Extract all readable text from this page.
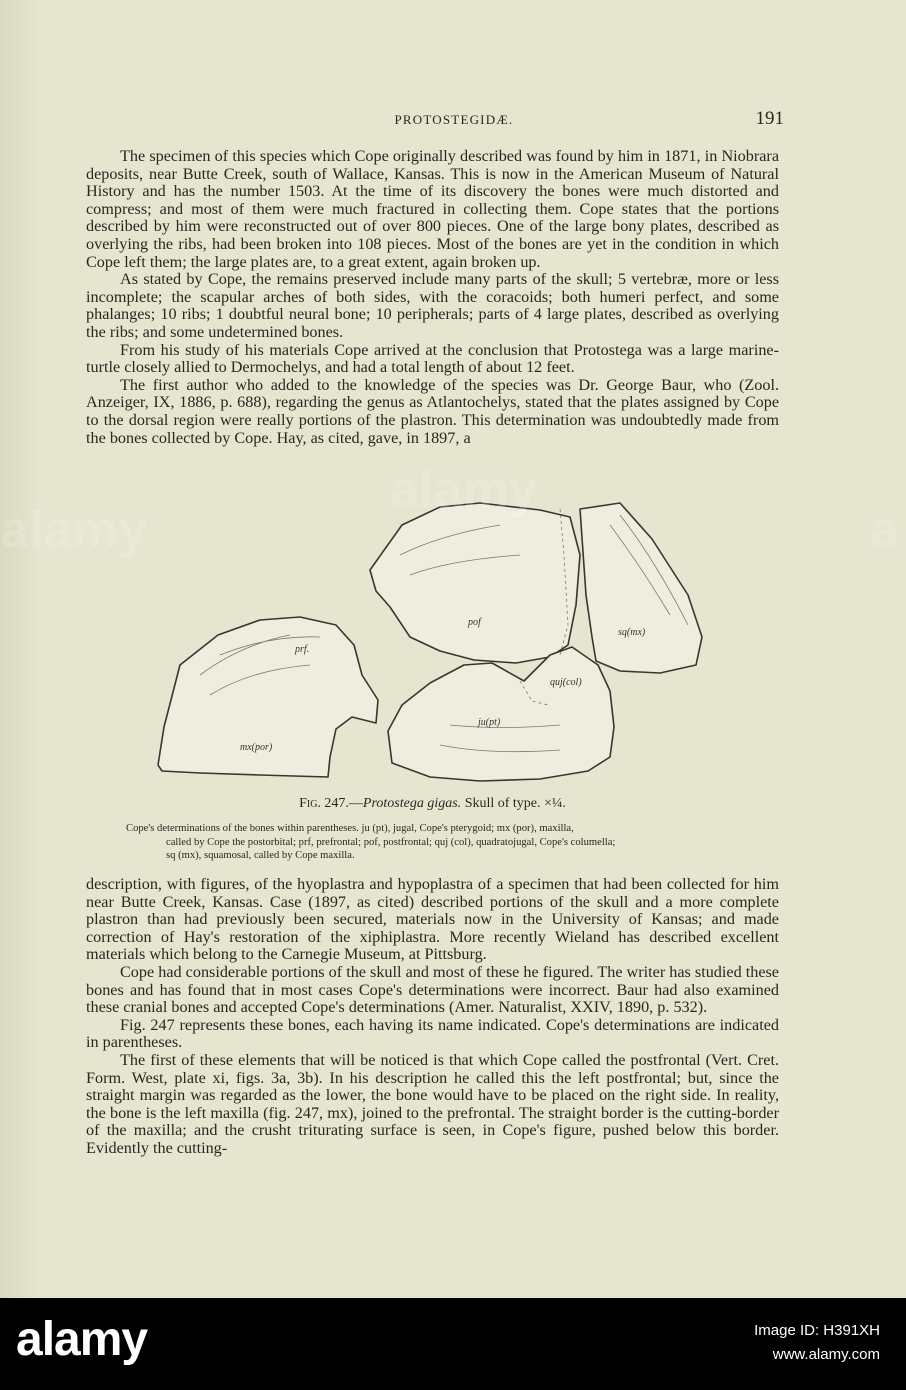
PROTOSTEGIDÆ.	191

The specimen of this species which Cope originally described was found by him in 1871, in Niobrara deposits, near Butte Creek, south of Wallace, Kansas. This is now in the American Museum of Natural History and has the number 1503. At the time of its discovery the bones were much distorted and compress; and most of them were much fractured in collecting them. Cope states that the portions described by him were reconstructed out of over 800 pieces. One of the large bony plates, described as overlying the ribs, had been broken into 108 pieces. Most of the bones are yet in the condition in which Cope left them; the large plates are, to a great extent, again broken up.

As stated by Cope, the remains preserved include many parts of the skull; 5 vertebræ, more or less incomplete; the scapular arches of both sides, with the coracoids; both humeri perfect, and some phalanges; 10 ribs; 1 doubtful neural bone; 10 peripherals; parts of 4 large plates, described as overlying the ribs; and some undetermined bones.

From his study of his materials Cope arrived at the conclusion that Protostega was a large marine-turtle closely allied to Dermochelys, and had a total length of about 12 feet.

The first author who added to the knowledge of the species was Dr. George Baur, who (Zool. Anzeiger, IX, 1886, p. 688), regarding the genus as Atlantochelys, stated that the plates assigned by Cope to the dorsal region were really portions of the plastron. This determination was undoubtedly made from the bones collected by Cope. Hay, as cited, gave, in 1897, a

prf.
pof
sq(mx)
quj(col)
ju(pt)
mx(por)
Fig. 247.—Protostega gigas. Skull of type. ×¼.
Cope's determinations of the bones within parentheses. ju (pt), jugal, Cope's pterygoid; mx (por), maxilla,
called by Cope the postorbital; prf, prefrontal; pof, postfrontal; quj (col), quadratojugal, Cope's columella;
sq (mx), squamosal, called by Cope maxilla.

description, with figures, of the hyoplastra and hypoplastra of a specimen that had been collected for him near Butte Creek, Kansas. Case (1897, as cited) described portions of the skull and a more complete plastron than had previously been secured, materials now in the University of Kansas; and made correction of Hay's restoration of the xiphiplastra. More recently Wieland has described excellent materials which belong to the Carnegie Museum, at Pittsburg.

Cope had considerable portions of the skull and most of these he figured. The writer has studied these bones and has found that in most cases Cope's determinations were incorrect. Baur had also examined these cranial bones and accepted Cope's determinations (Amer. Naturalist, XXIV, 1890, p. 532).

Fig. 247 represents these bones, each having its name indicated. Cope's determinations are indicated in parentheses.

The first of these elements that will be noticed is that which Cope called the postfrontal (Vert. Cret. Form. West, plate xi, figs. 3a, 3b). In his description he called this the left postfrontal; but, since the straight margin was regarded as the lower, the bone would have to be placed on the right side. In reality, the bone is the left maxilla (fig. 247, mx), joined to the prefrontal. The straight border is the cutting-border of the maxilla; and the crusht triturating surface is seen, in Cope's figure, pushed below this border. Evidently the cutting-

alamy	Image ID: H391XH
www.alamy.com
